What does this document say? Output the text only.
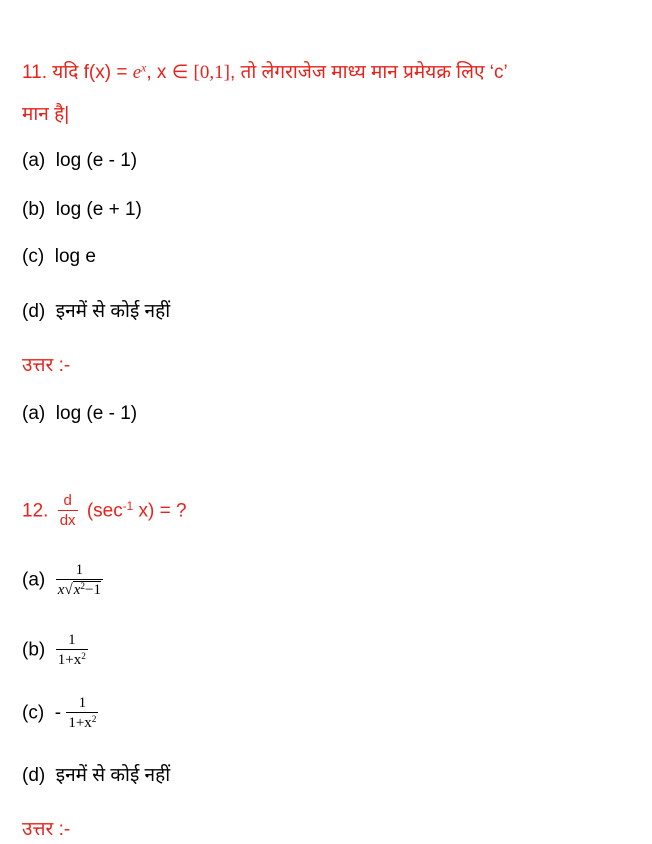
11. यदि $f(x) = e^x$, x ∈ [0,1], तो लेगराजेज माध्य मान प्रमेयक्र लिए ‘c’
मान है|
(a) log (e - 1)
(b) log (e + 1)
(c) log e
(d) इनमें से कोई नहीं
उत्तर :-
(a) log (e - 1)
12. $\frac{d}{dx} (\sec^{-1}$ x) = ?
$(a) \frac{1}{x√x^2-1}$
$(b) \frac{1}{1+x^2}$
$(c) - \frac{1}{1+x^2}$
(d) इनमें से कोई नहीं
उत्तर :-
